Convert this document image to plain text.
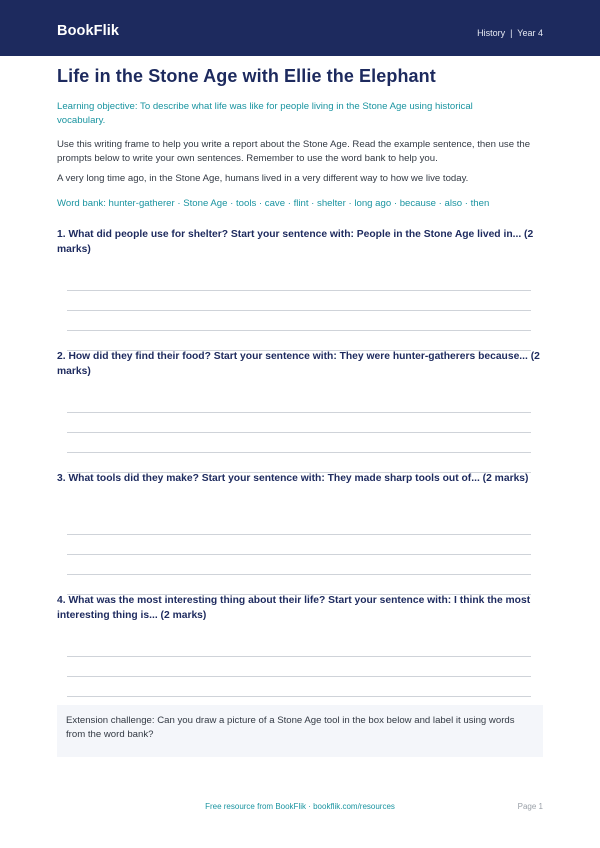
BookFlik	History  |  Year 4
Life in the Stone Age with Ellie the Elephant
Learning objective: To describe what life was like for people living in the Stone Age using historical vocabulary.
Use this writing frame to help you write a report about the Stone Age. Read the example sentence, then use the prompts below to write your own sentences. Remember to use the word bank to help you.
A very long time ago, in the Stone Age, humans lived in a very different way to how we live today.
Word bank: hunter-gatherer · Stone Age · tools · cave · flint · shelter · long ago · because · also · then
1. What did people use for shelter? Start your sentence with: People in the Stone Age lived in... (2 marks)
2. How did they find their food? Start your sentence with: They were hunter-gatherers because... (2 marks)
3. What tools did they make? Start your sentence with: They made sharp tools out of... (2 marks)
4. What was the most interesting thing about their life? Start your sentence with: I think the most interesting thing is... (2 marks)
Extension challenge: Can you draw a picture of a Stone Age tool in the box below and label it using words from the word bank?
Free resource from BookFlik · bookflik.com/resources	Page 1
